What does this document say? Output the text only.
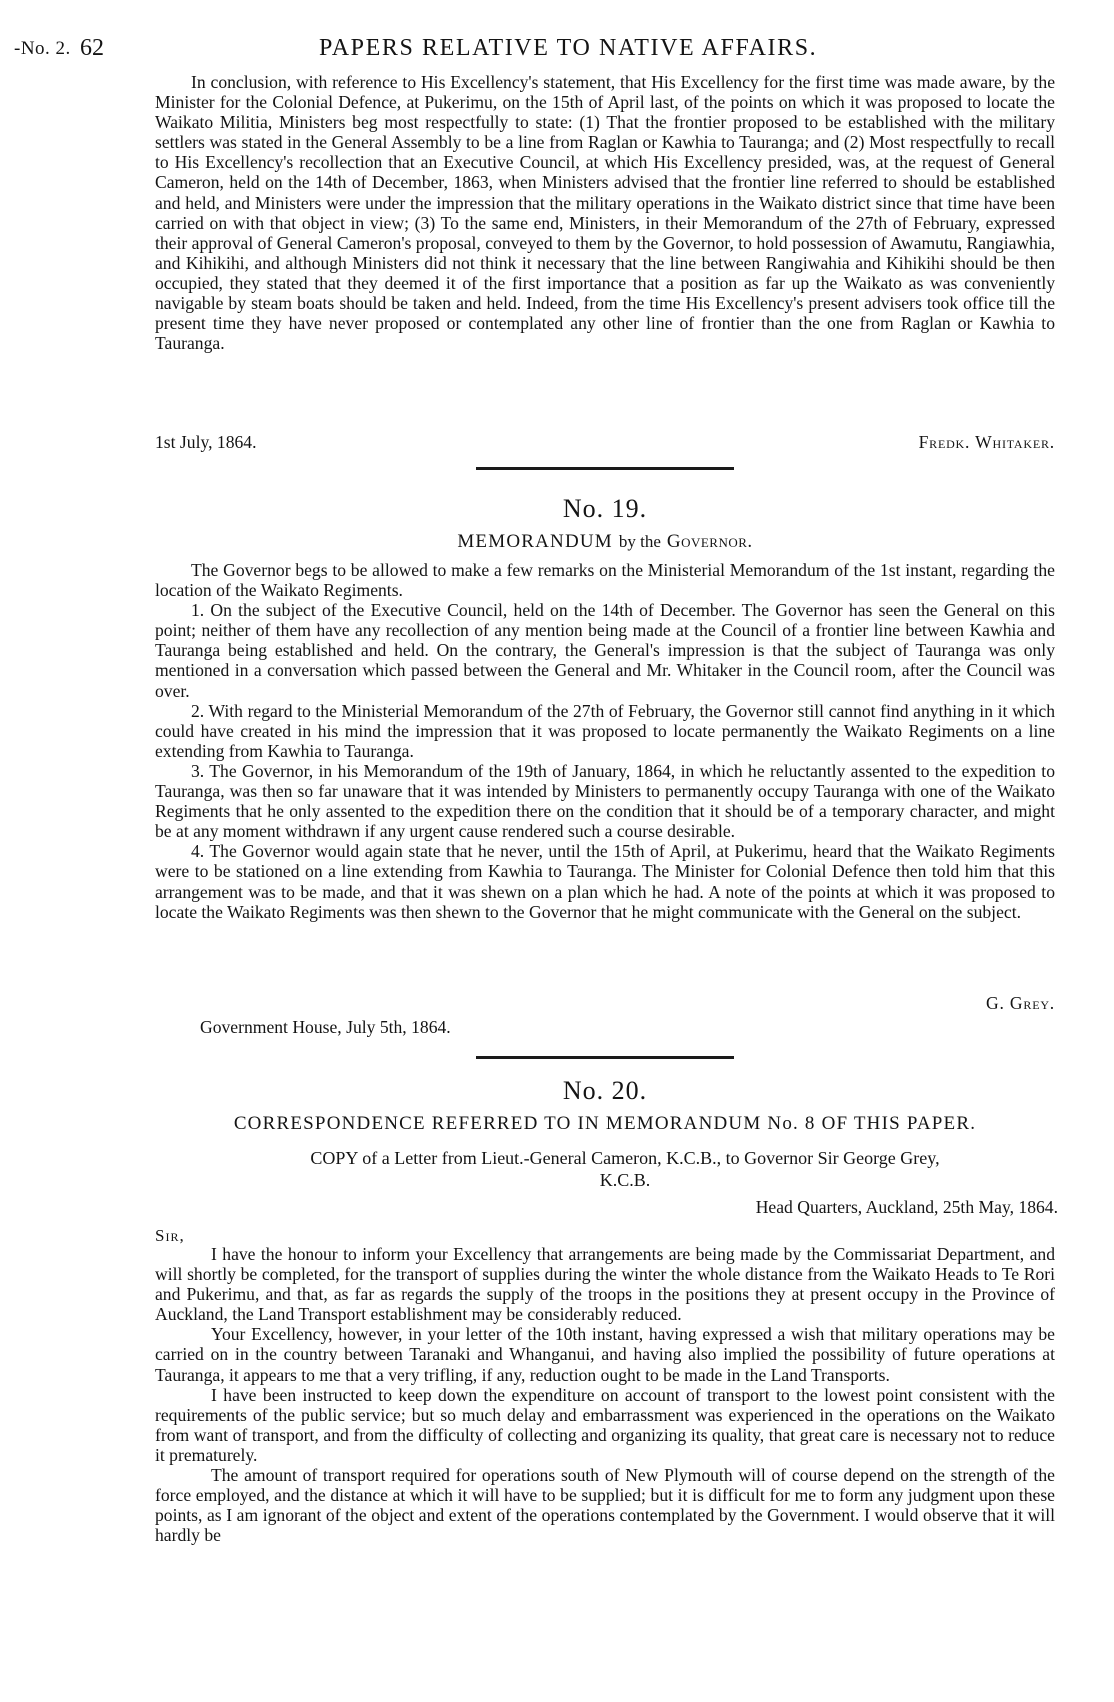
-No. 2. 62	PAPERS RELATIVE TO NATIVE AFFAIRS.

In conclusion, with reference to His Excellency's statement, that His Excellency for the first time was made aware, by the Minister for the Colonial Defence, at Pukerimu, on the 15th of April last, of the points on which it was proposed to locate the Waikato Militia, Ministers beg most respectfully to state: (1) That the frontier proposed to be established with the military settlers was stated in the General Assembly to be a line from Raglan or Kawhia to Tauranga; and (2) Most respectfully to recall to His Excellency's recollection that an Executive Council, at which His Excellency presided, was, at the request of General Cameron, held on the 14th of December, 1863, when Ministers advised that the frontier line referred to should be established and held, and Ministers were under the impression that the military operations in the Waikato district since that time have been carried on with that object in view; (3) To the same end, Ministers, in their Memorandum of the 27th of February, expressed their approval of General Cameron's proposal, conveyed to them by the Governor, to hold possession of Awamutu, Rangiawhia, and Kihikihi, and although Ministers did not think it necessary that the line between Rangiwahia and Kihikihi should be then occupied, they stated that they deemed it of the first importance that a position as far up the Waikato as was conveniently navigable by steam boats should be taken and held. Indeed, from the time His Excellency's present advisers took office till the present time they have never proposed or contemplated any other line of frontier than the one from Raglan or Kawhia to Tauranga.

1st July, 1864.	Fredk. Whitaker.
No. 19.
MEMORANDUM by the Governor.

The Governor begs to be allowed to make a few remarks on the Ministerial Memorandum of the 1st instant, regarding the location of the Waikato Regiments.

1. On the subject of the Executive Council, held on the 14th of December. The Governor has seen the General on this point; neither of them have any recollection of any mention being made at the Council of a frontier line between Kawhia and Tauranga being established and held. On the contrary, the General's impression is that the subject of Tauranga was only mentioned in a conversation which passed between the General and Mr. Whitaker in the Council room, after the Council was over.

2. With regard to the Ministerial Memorandum of the 27th of February, the Governor still cannot find anything in it which could have created in his mind the impression that it was proposed to locate permanently the Waikato Regiments on a line extending from Kawhia to Tauranga.

3. The Governor, in his Memorandum of the 19th of January, 1864, in which he reluctantly assented to the expedition to Tauranga, was then so far unaware that it was intended by Ministers to permanently occupy Tauranga with one of the Waikato Regiments that he only assented to the expedition there on the condition that it should be of a temporary character, and might be at any moment withdrawn if any urgent cause rendered such a course desirable.

4. The Governor would again state that he never, until the 15th of April, at Pukerimu, heard that the Waikato Regiments were to be stationed on a line extending from Kawhia to Tauranga. The Minister for Colonial Defence then told him that this arrangement was to be made, and that it was shewn on a plan which he had. A note of the points at which it was proposed to locate the Waikato Regiments was then shewn to the Governor that he might communicate with the General on the subject.

G. Grey.
Government House, July 5th, 1864.
No. 20.
CORRESPONDENCE REFERRED TO IN MEMORANDUM No. 8 OF THIS PAPER.
COPY of a Letter from Lieut.-General Cameron, K.C.B., to Governor Sir George Grey,
K.C.B.
Head Quarters, Auckland, 25th May, 1864.
Sir,

I have the honour to inform your Excellency that arrangements are being made by the Commissariat Department, and will shortly be completed, for the transport of supplies during the winter the whole distance from the Waikato Heads to Te Rori and Pukerimu, and that, as far as regards the supply of the troops in the positions they at present occupy in the Province of Auckland, the Land Transport establishment may be considerably reduced.

Your Excellency, however, in your letter of the 10th instant, having expressed a wish that military operations may be carried on in the country between Taranaki and Whanganui, and having also implied the possibility of future operations at Tauranga, it appears to me that a very trifling, if any, reduction ought to be made in the Land Transports.

I have been instructed to keep down the expenditure on account of transport to the lowest point consistent with the requirements of the public service; but so much delay and embarrassment was experienced in the operations on the Waikato from want of transport, and from the difficulty of collecting and organizing its quality, that great care is necessary not to reduce it prematurely.

The amount of transport required for operations south of New Plymouth will of course depend on the strength of the force employed, and the distance at which it will have to be supplied; but it is difficult for me to form any judgment upon these points, as I am ignorant of the object and extent of the operations contemplated by the Government. I would observe that it will hardly be
